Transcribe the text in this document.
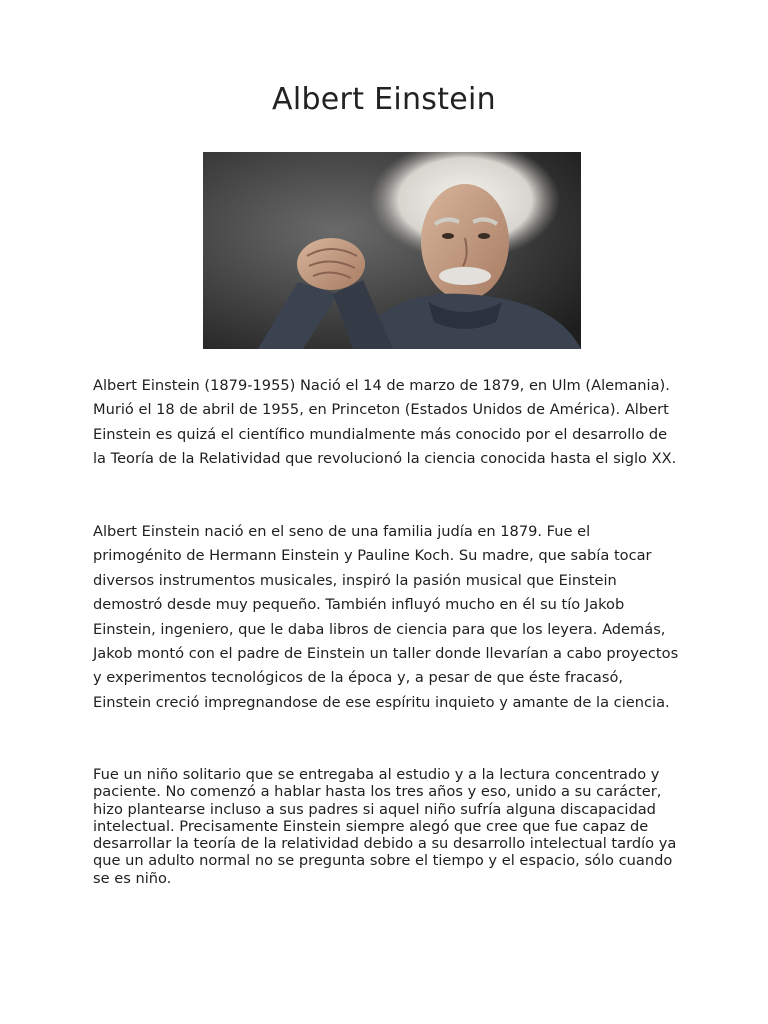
Albert Einstein

Albert Einstein (1879-1955) Nació el 14 de marzo de 1879, en Ulm (Alemania). Murió el 18 de abril de 1955, en Princeton (Estados Unidos de América). Albert Einstein es quizá el científico mundialmente más conocido por el desarrollo de la Teoría de la Relatividad que revolucionó la ciencia conocida hasta el siglo XX.

Albert Einstein nació en el seno de una familia judía en 1879. Fue el primogénito de Hermann Einstein y Pauline Koch. Su madre, que sabía tocar diversos instrumentos musicales, inspiró la pasión musical que Einstein demostró desde muy pequeño. También influyó mucho en él su tío Jakob Einstein, ingeniero, que le daba libros de ciencia para que los leyera. Además, Jakob montó con el padre de Einstein un taller donde llevarían a cabo proyectos y experimentos tecnológicos de la época y, a pesar de que éste fracasó, Einstein creció impregnandose de ese espíritu inquieto y amante de la ciencia.

Fue un niño solitario que se entregaba al estudio y a la lectura concentrado y paciente. No comenzó a hablar hasta los tres años y eso, unido a su carácter, hizo plantearse incluso a sus padres si aquel niño sufría alguna discapacidad intelectual. Precisamente Einstein siempre alegó que cree que fue capaz de desarrollar la teoría de la relatividad debido a su desarrollo intelectual tardío ya que un adulto normal no se pregunta sobre el tiempo y el espacio, sólo cuando se es niño.
